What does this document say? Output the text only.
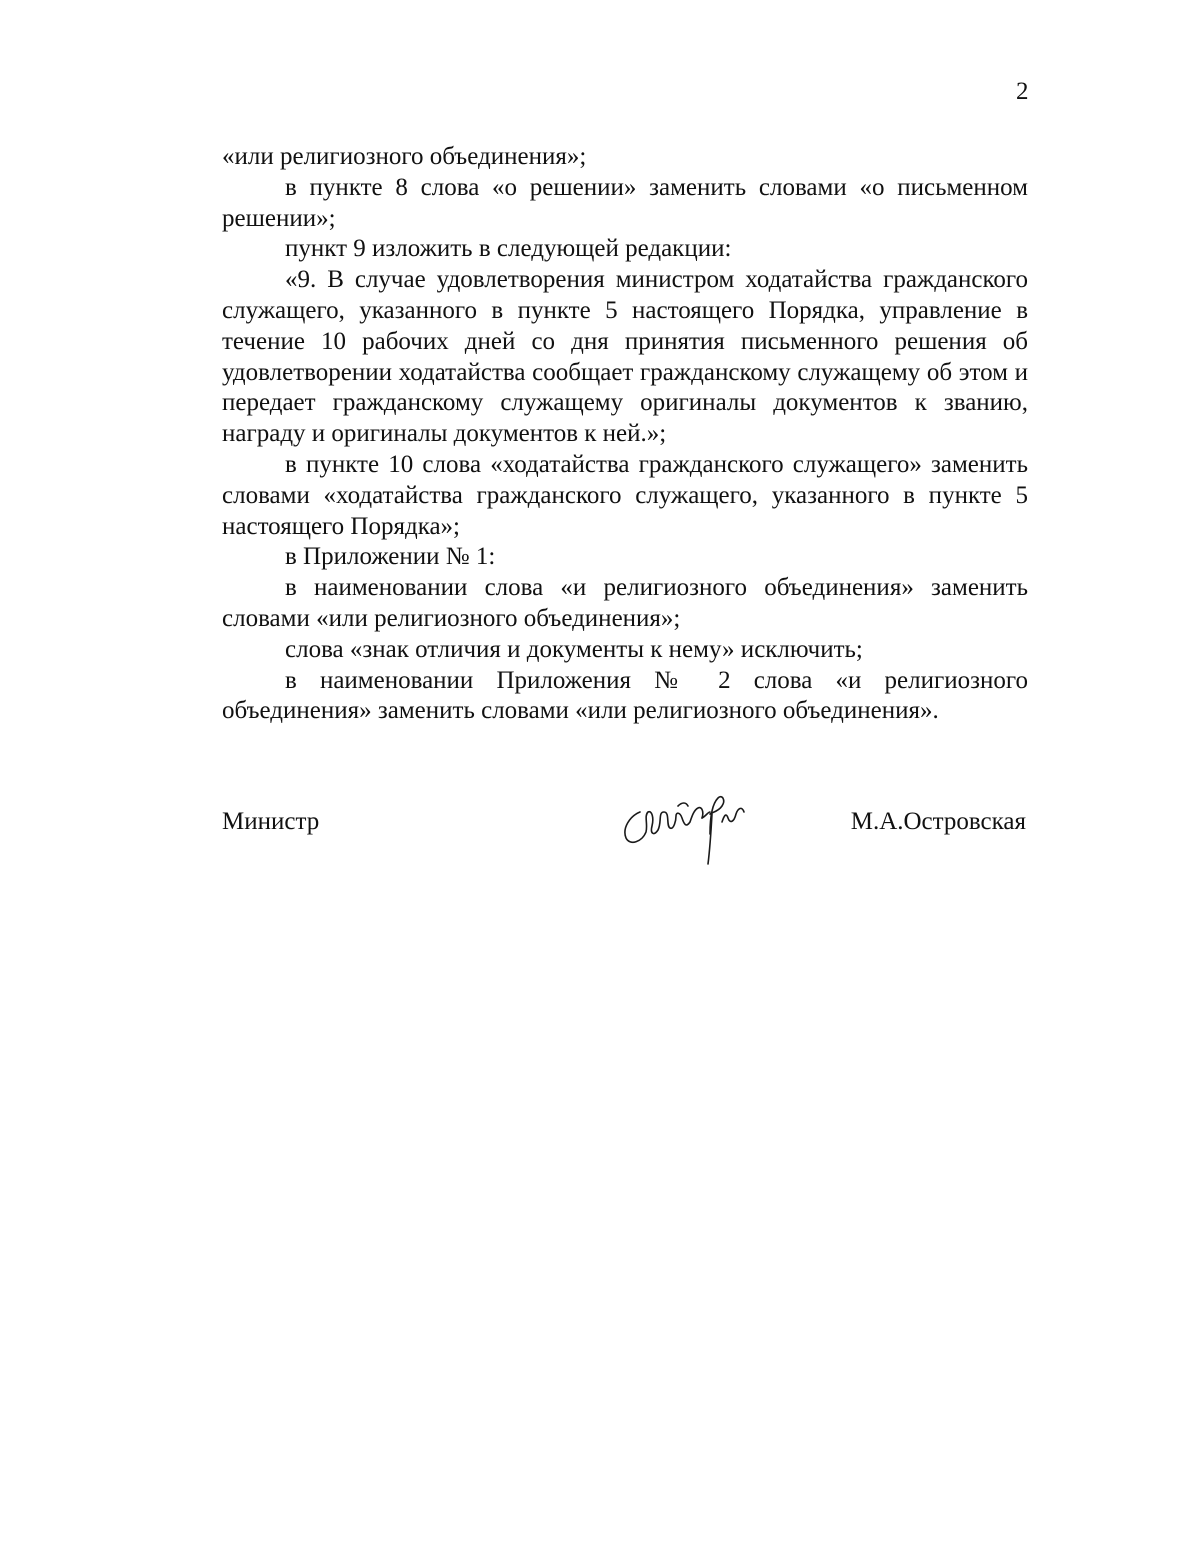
2

«или религиозного объединения»;

в пункте 8 слова «о решении» заменить словами «о письменном решении»;

пункт 9 изложить в следующей редакции:

«9. В случае удовлетворения министром ходатайства гражданского служащего, указанного в пункте 5 настоящего Порядка, управление в течение 10 рабочих дней со дня принятия письменного решения об удовлетворении ходатайства сообщает гражданскому служащему об этом и передает гражданскому служащему оригиналы документов к званию, награду и оригиналы документов к ней.»;

в пункте 10 слова «ходатайства гражданского служащего» заменить словами «ходатайства гражданского служащего, указанного в пункте 5 настоящего Порядка»;

в Приложении № 1:

в наименовании слова «и религиозного объединения» заменить словами «или религиозного объединения»;

слова «знак отличия и документы к нему» исключить;

в наименовании Приложения № 2 слова «и религиозного объединения» заменить словами «или религиозного объединения».

Министр	М.А.Островская
